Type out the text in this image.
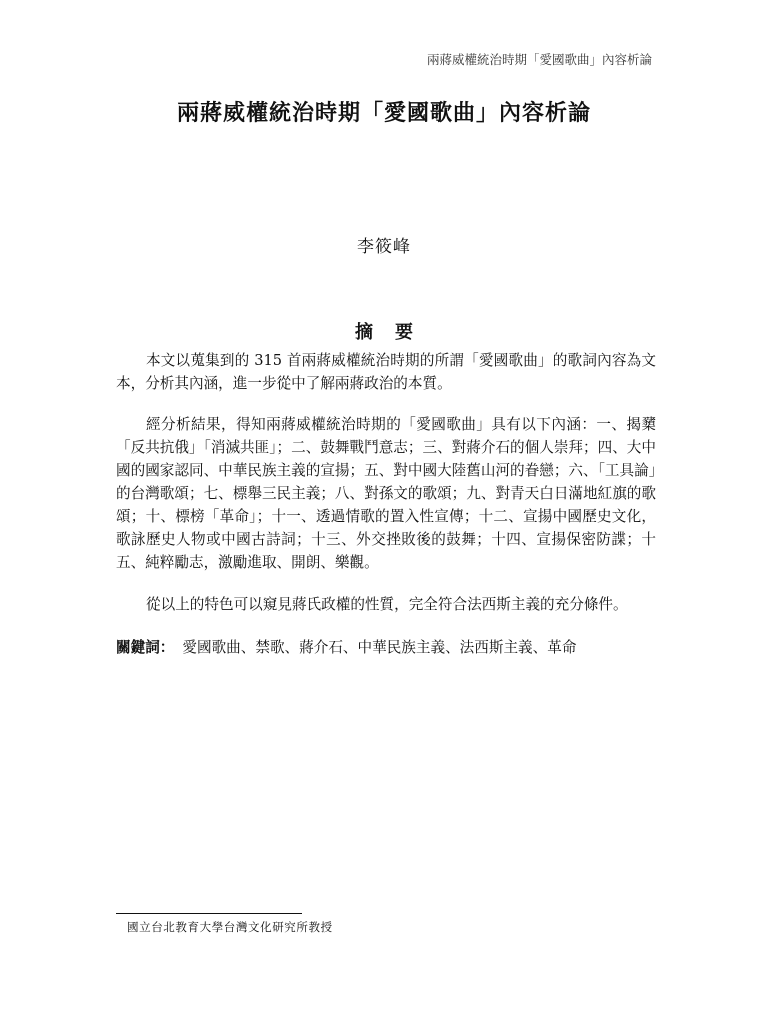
兩蔣威權統治時期「愛國歌曲」內容析論
兩蔣威權統治時期「愛國歌曲」內容析論
李筱峰
摘 要

本文以蒐集到的 315 首兩蔣威權統治時期的所謂「愛國歌曲」的歌詞內容為文本，分析其內涵，進一步從中了解兩蔣政治的本質。

經分析結果，得知兩蔣威權統治時期的「愛國歌曲」具有以下內涵：一、揭櫫「反共抗俄」「消滅共匪」；二、鼓舞戰鬥意志；三、對蔣介石的個人崇拜；四、大中國的國家認同、中華民族主義的宣揚；五、對中國大陸舊山河的眷戀；六、「工具論」的台灣歌頌；七、標舉三民主義；八、對孫文的歌頌；九、對青天白日滿地紅旗的歌頌；十、標榜「革命」；十一、透過情歌的置入性宣傳；十二、宣揚中國歷史文化，歌詠歷史人物或中國古詩詞；十三、外交挫敗後的鼓舞；十四、宣揚保密防諜；十五、純粹勵志，激勵進取、開朗、樂觀。

從以上的特色可以窺見蔣氏政權的性質，完全符合法西斯主義的充分條件。

關鍵詞： 愛國歌曲、禁歌、蔣介石、中華民族主義、法西斯主義、革命
國立台北教育大學台灣文化研究所教授
